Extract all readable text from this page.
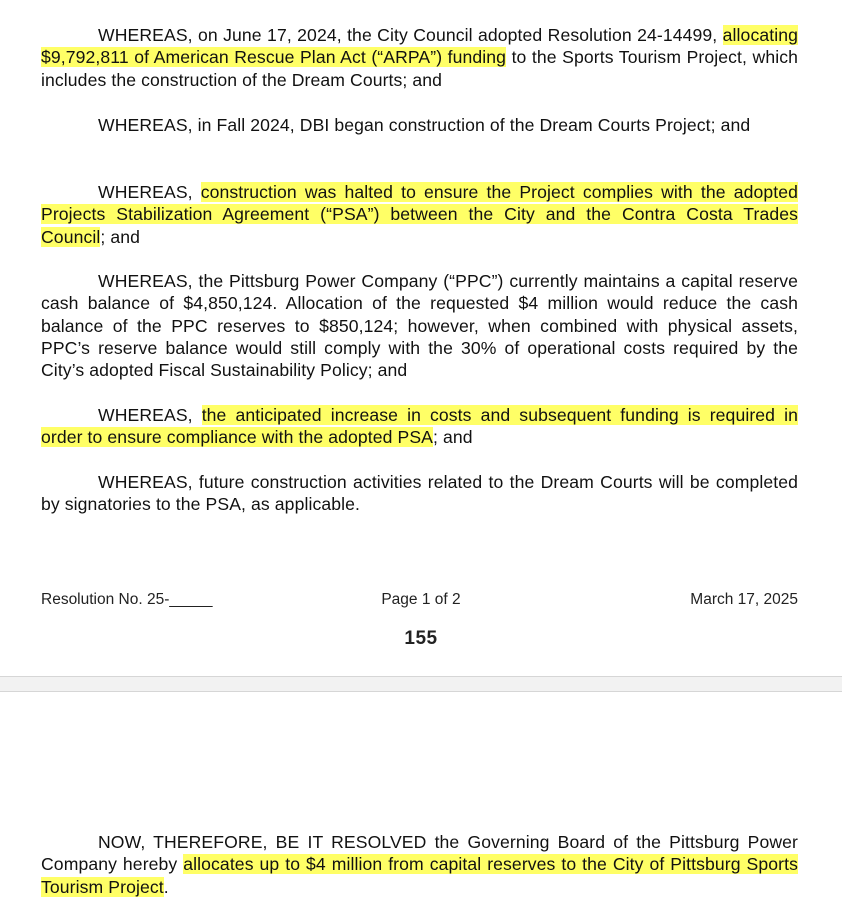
WHEREAS, on June 17, 2024, the City Council adopted Resolution 24-14499, allocating $9,792,811 of American Rescue Plan Act (“ARPA”) funding to the Sports Tourism Project, which includes the construction of the Dream Courts; and

WHEREAS, in Fall 2024, DBI began construction of the Dream Courts Project; and

WHEREAS, construction was halted to ensure the Project complies with the adopted Projects Stabilization Agreement (“PSA”) between the City and the Contra Costa Trades Council; and

WHEREAS, the Pittsburg Power Company (“PPC”) currently maintains a capital reserve cash balance of $4,850,124. Allocation of the requested $4 million would reduce the cash balance of the PPC reserves to $850,124; however, when combined with physical assets, PPC’s reserve balance would still comply with the 30% of operational costs required by the City’s adopted Fiscal Sustainability Policy; and

WHEREAS, the anticipated increase in costs and subsequent funding is required in order to ensure compliance with the adopted PSA; and

WHEREAS, future construction activities related to the Dream Courts will be completed by signatories to the PSA, as applicable.

Resolution No. 25-_____	Page 1 of 2	March 17, 2025
155

NOW, THEREFORE, BE IT RESOLVED the Governing Board of the Pittsburg Power Company hereby allocates up to $4 million from capital reserves to the City of Pittsburg Sports Tourism Project.
